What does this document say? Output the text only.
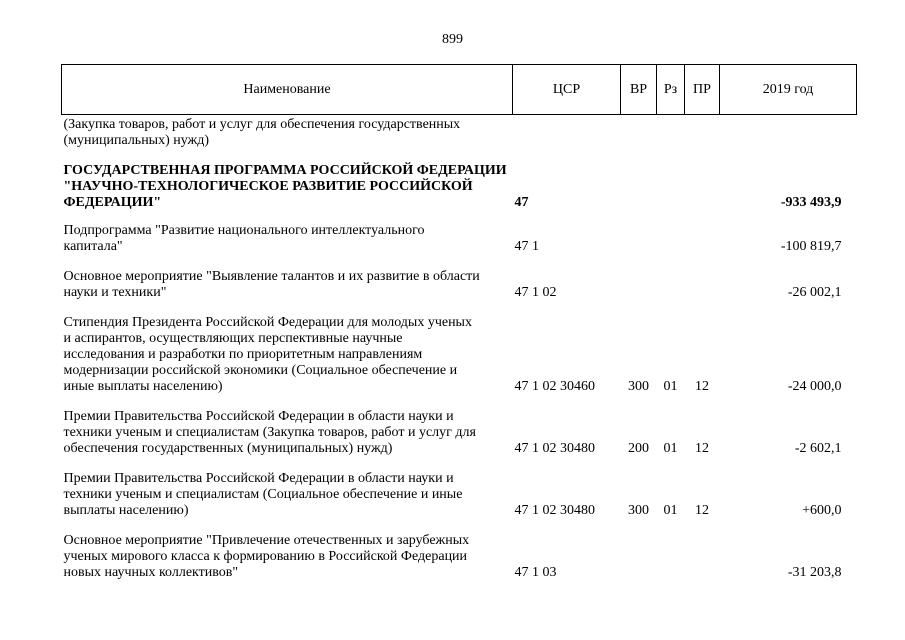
899
Наименование	ЦСР	ВР	Рз	ПР	2019 год

(Закупка товаров, работ и услуг для обеспечения государственных
(муниципальных) нужд)					

ГОСУДАРСТВЕННАЯ ПРОГРАММА РОССИЙСКОЙ ФЕДЕРАЦИИ
"НАУЧНО-ТЕХНОЛОГИЧЕСКОЕ РАЗВИТИЕ РОССИЙСКОЙ
ФЕДЕРАЦИИ"	47				-933 493,9

Подпрограмма "Развитие национального интеллектуального
капитала"	47 1				-100 819,7

Основное мероприятие "Выявление талантов и их развитие в области
науки и техники"	47 1 02				-26 002,1

Стипендия Президента Российской Федерации для молодых ученых
и аспирантов, осуществляющих перспективные научные
исследования и разработки по приоритетным направлениям
модернизации российской экономики (Социальное обеспечение и
иные выплаты населению)	47 1 02 30460	300	01	12	-24 000,0

Премии Правительства Российской Федерации в области науки и
техники ученым и специалистам (Закупка товаров, работ и услуг для
обеспечения государственных (муниципальных) нужд)	47 1 02 30480	200	01	12	-2 602,1

Премии Правительства Российской Федерации в области науки и
техники ученым и специалистам (Социальное обеспечение и иные
выплаты населению)	47 1 02 30480	300	01	12	+600,0

Основное мероприятие "Привлечение отечественных и зарубежных
ученых мирового класса к формированию в Российской Федерации
новых научных коллективов"	47 1 03				-31 203,8
